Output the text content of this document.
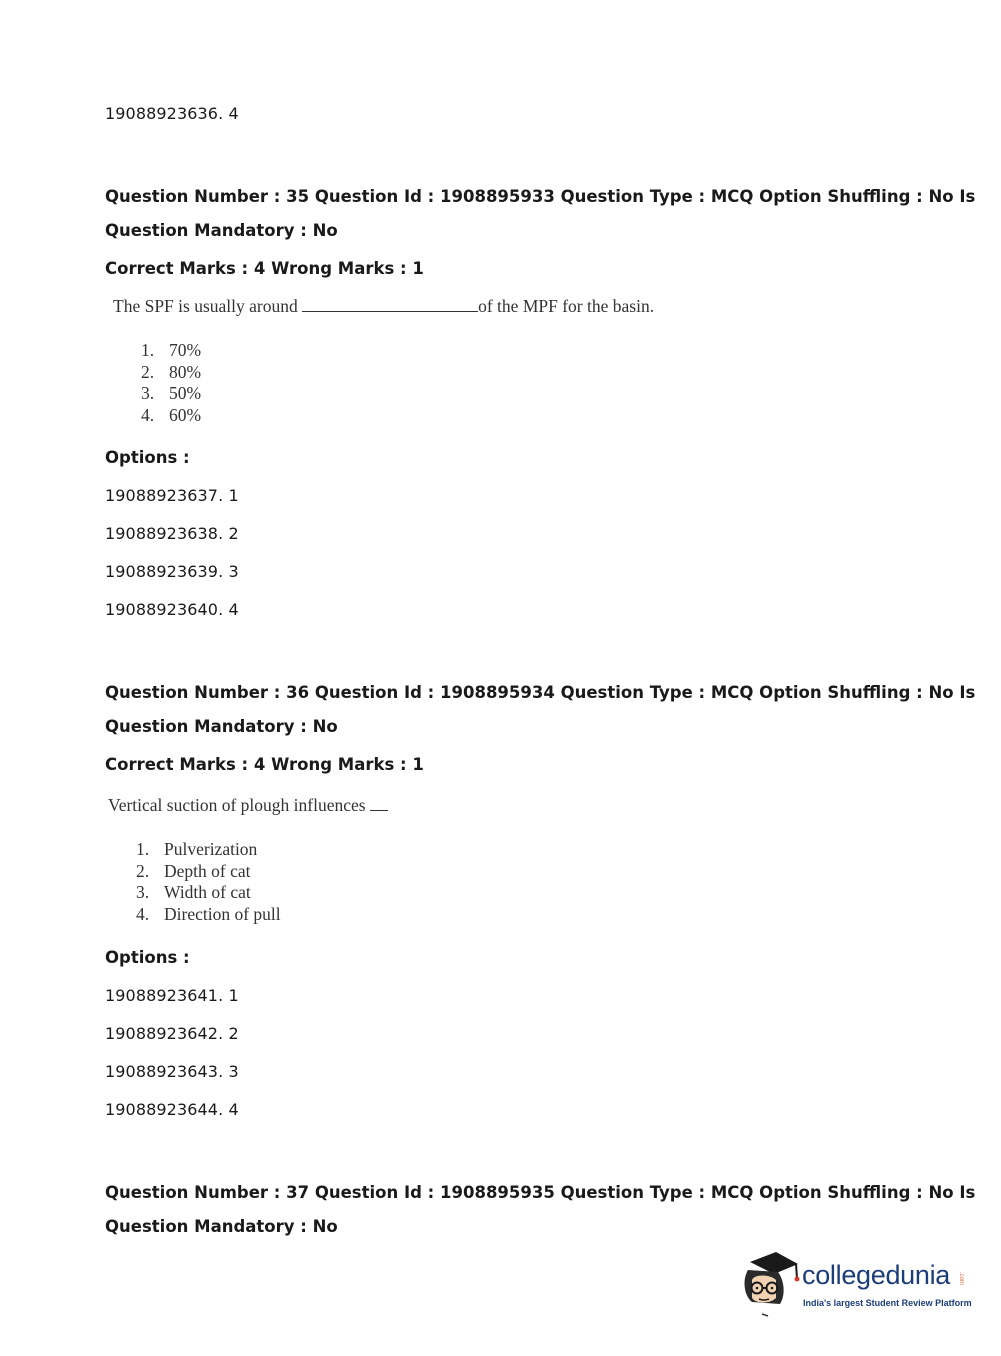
19088923636. 4
Question Number : 35 Question Id : 1908895933 Question Type : MCQ Option Shuffling : No Is
Question Mandatory : No
Correct Marks : 4 Wrong Marks : 1
The SPF is usually around	of the MPF for the basin.
1. 70%
2. 80%
3. 50%
4. 60%
Options :
19088923637. 1
19088923638. 2
19088923639. 3
19088923640. 4
Question Number : 36 Question Id : 1908895934 Question Type : MCQ Option Shuffling : No Is
Question Mandatory : No
Correct Marks : 4 Wrong Marks : 1
Vertical suction of plough influences
1. Pulverization
2. Depth of cat
3. Width of cat
4. Direction of pull
Options :
19088923641. 1
19088923642. 2
19088923643. 3
19088923644. 4
Question Number : 37 Question Id : 1908895935 Question Type : MCQ Option Shuffling : No Is
Question Mandatory : No
collegedunia .com
India's largest Student Review Platform
